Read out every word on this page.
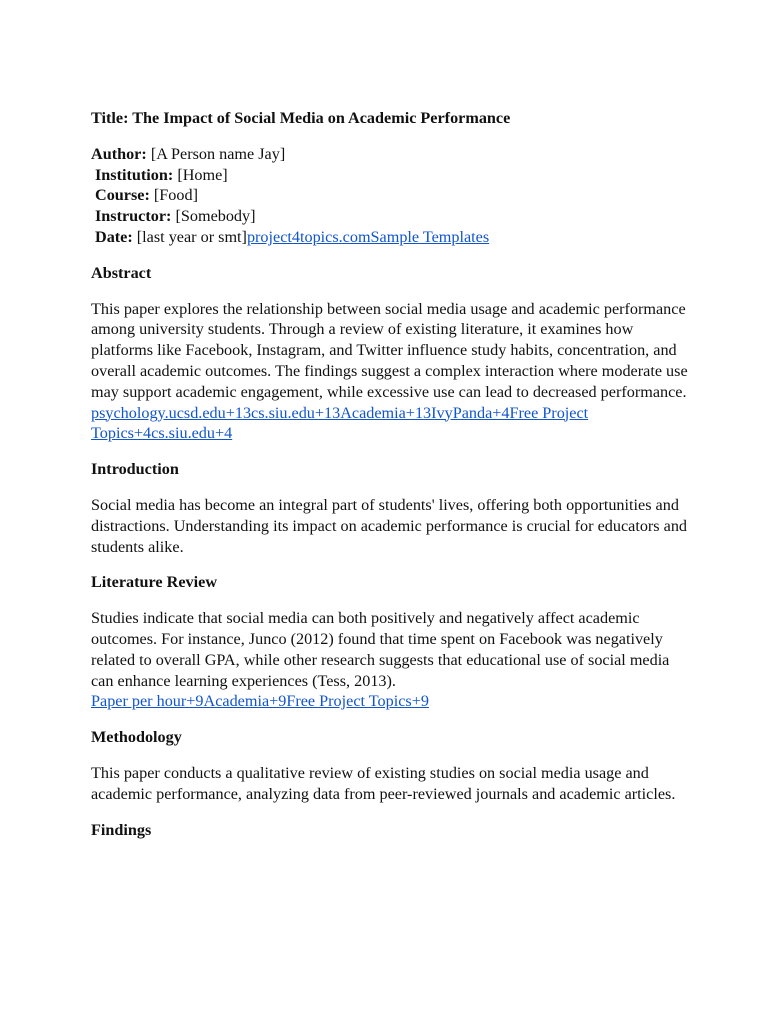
Title: The Impact of Social Media on Academic Performance
Author: [A Person name Jay]
Institution: [Home]
Course: [Food]
Instructor: [Somebody]
Date: [last year or smt]project4topics.comSample Templates
Abstract

This paper explores the relationship between social media usage and academic performance among university students. Through a review of existing literature, it examines how platforms like Facebook, Instagram, and Twitter influence study habits, concentration, and overall academic outcomes. The findings suggest a complex interaction where moderate use may support academic engagement, while excessive use can lead to decreased performance.
psychology.ucsd.edu+13cs.siu.edu+13Academia+13IvyPanda+4Free Project Topics+4cs.siu.edu+4

Introduction

Social media has become an integral part of students' lives, offering both opportunities and distractions. Understanding its impact on academic performance is crucial for educators and students alike.

Literature Review

Studies indicate that social media can both positively and negatively affect academic outcomes. For instance, Junco (2012) found that time spent on Facebook was negatively related to overall GPA, while other research suggests that educational use of social media can enhance learning experiences (Tess, 2013).
Paper per hour+9Academia+9Free Project Topics+9

Methodology

This paper conducts a qualitative review of existing studies on social media usage and academic performance, analyzing data from peer-reviewed journals and academic articles.

Findings
